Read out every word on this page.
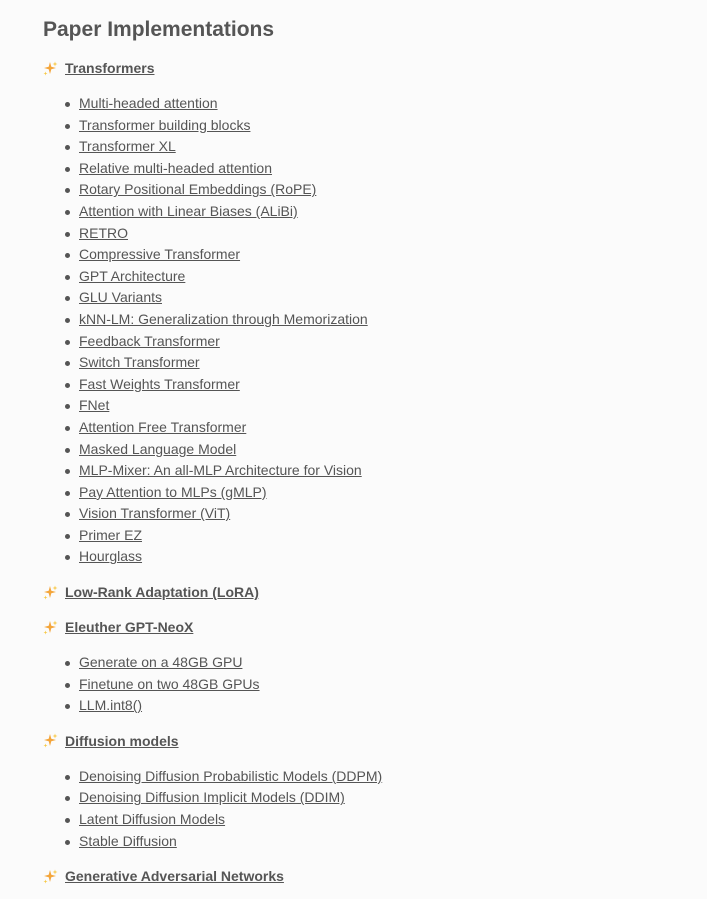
Paper Implementations
Transformers
Multi-headed attention
Transformer building blocks
Transformer XL
Relative multi-headed attention
Rotary Positional Embeddings (RoPE)
Attention with Linear Biases (ALiBi)
RETRO
Compressive Transformer
GPT Architecture
GLU Variants
kNN-LM: Generalization through Memorization
Feedback Transformer
Switch Transformer
Fast Weights Transformer
FNet
Attention Free Transformer
Masked Language Model
MLP-Mixer: An all-MLP Architecture for Vision
Pay Attention to MLPs (gMLP)
Vision Transformer (ViT)
Primer EZ
Hourglass
Low-Rank Adaptation (LoRA)
Eleuther GPT-NeoX
Generate on a 48GB GPU
Finetune on two 48GB GPUs
LLM.int8()
Diffusion models
Denoising Diffusion Probabilistic Models (DDPM)
Denoising Diffusion Implicit Models (DDIM)
Latent Diffusion Models
Stable Diffusion
Generative Adversarial Networks
